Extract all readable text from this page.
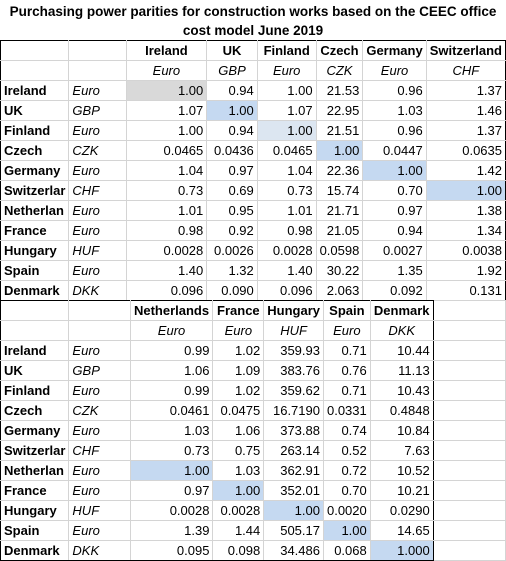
Purchasing power parities for construction works based on the CEEC office
cost model June 2019
		Ireland	UK	Finland	Czech	Germany	Switzerland
		Euro	GBP	Euro	CZK	Euro	CHF
Ireland	Euro	1.00	0.94	1.00	21.53	0.96	1.37
UK	GBP	1.07	1.00	1.07	22.95	1.03	1.46
Finland	Euro	1.00	0.94	1.00	21.51	0.96	1.37
Czech	CZK	0.0465	0.0436	0.0465	1.00	0.0447	0.0635
Germany	Euro	1.04	0.97	1.04	22.36	1.00	1.42
Switzerlar	CHF	0.73	0.69	0.73	15.74	0.70	1.00
Netherlan	Euro	1.01	0.95	1.01	21.71	0.97	1.38
France	Euro	0.98	0.92	0.98	21.05	0.94	1.34
Hungary	HUF	0.0028	0.0026	0.0028	0.0598	0.0027	0.0038
Spain	Euro	1.40	1.32	1.40	30.22	1.35	1.92
Denmark	DKK	0.096	0.090	0.096	2.063	0.092	0.131
		Netherlands	France	Hungary	Spain	Denmark	
		Euro	Euro	HUF	Euro	DKK	
Ireland	Euro	0.99	1.02	359.93	0.71	10.44	
UK	GBP	1.06	1.09	383.76	0.76	11.13	
Finland	Euro	0.99	1.02	359.62	0.71	10.43	
Czech	CZK	0.0461	0.0475	16.7190	0.0331	0.4848	
Germany	Euro	1.03	1.06	373.88	0.74	10.84	
Switzerlar	CHF	0.73	0.75	263.14	0.52	7.63	
Netherlan	Euro	1.00	1.03	362.91	0.72	10.52	
France	Euro	0.97	1.00	352.01	0.70	10.21	
Hungary	HUF	0.0028	0.0028	1.00	0.0020	0.0290	
Spain	Euro	1.39	1.44	505.17	1.00	14.65	
Denmark	DKK	0.095	0.098	34.486	0.068	1.000	
